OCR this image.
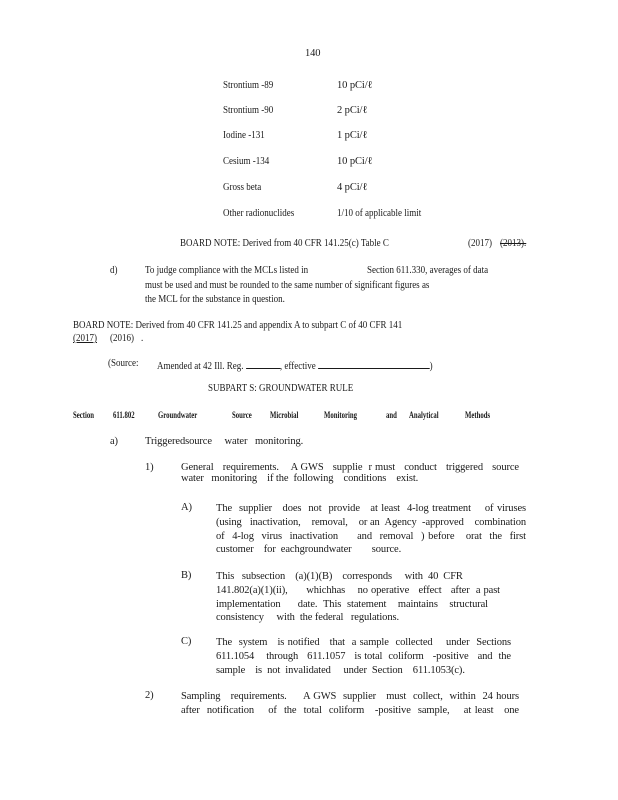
140
Strontium -89	10 pCi/ℓ
Strontium -90	2 pCi/ℓ
Iodine -131	1 pCi/ℓ
Cesium -134	10 pCi/ℓ
Gross beta	4 pCi/ℓ
Other radionuclides	1/10 of applicable limit
BOARD NOTE: Derived from 40 CFR 141.25(c) Table C	(2017) (2013).
d)	To judge compliance with the MCLs listed in	Section 611.330, averages of data
must be used and must be rounded to the same number of significant figures as
the MCL for the substance in question.
BOARD NOTE: Derived from 40 CFR 141.25 and appendix A to subpart C of 40 CFR 141
(2017) (2016) .
(Source: Amended at 42 Ill. Reg.	, effective	)
SUBPART S: GROUNDWATER RULE
Section 611.802	Groundwater	Source Microbial	Monitoring	and Analytical	Methods
a)	Triggeredsource     water   monitoring.
1)	General   requirements.    A GWS   supplie  r must   conduct   triggered   source
water   monitoring    if the  following    conditions    exist.
A) The  supplier   does  not  provide   at least  4-log treatment    of viruses
(using   inactivation,    removal,    or an  Agency  -approved    combination
of  4-log  virus  inactivation     and  removal  ) before   orat  the  first
customer    for  eachgroundwater        source.
B) This   subsection    (a)(1)(B)    corresponds     with  40  CFR
141.802(a)(1)(ii),      whichhas    no operative   effect   after  a past
implementation      date.  This  statement    maintains    structural
consistency     with  the federal   regulations.
C) The  system   is notified   that  a sample  collected    under  Sections
611.1054    through   611.1057   is total  coliform   -positive   and  the
sample    is  not  invalidated     under  Section    611.1053(c).
2)	Sampling   requirements.     A GWS  supplier   must  collect,  within  24 hours
after  notification    of  the  total  coliform   -positive  sample,    at least   one
